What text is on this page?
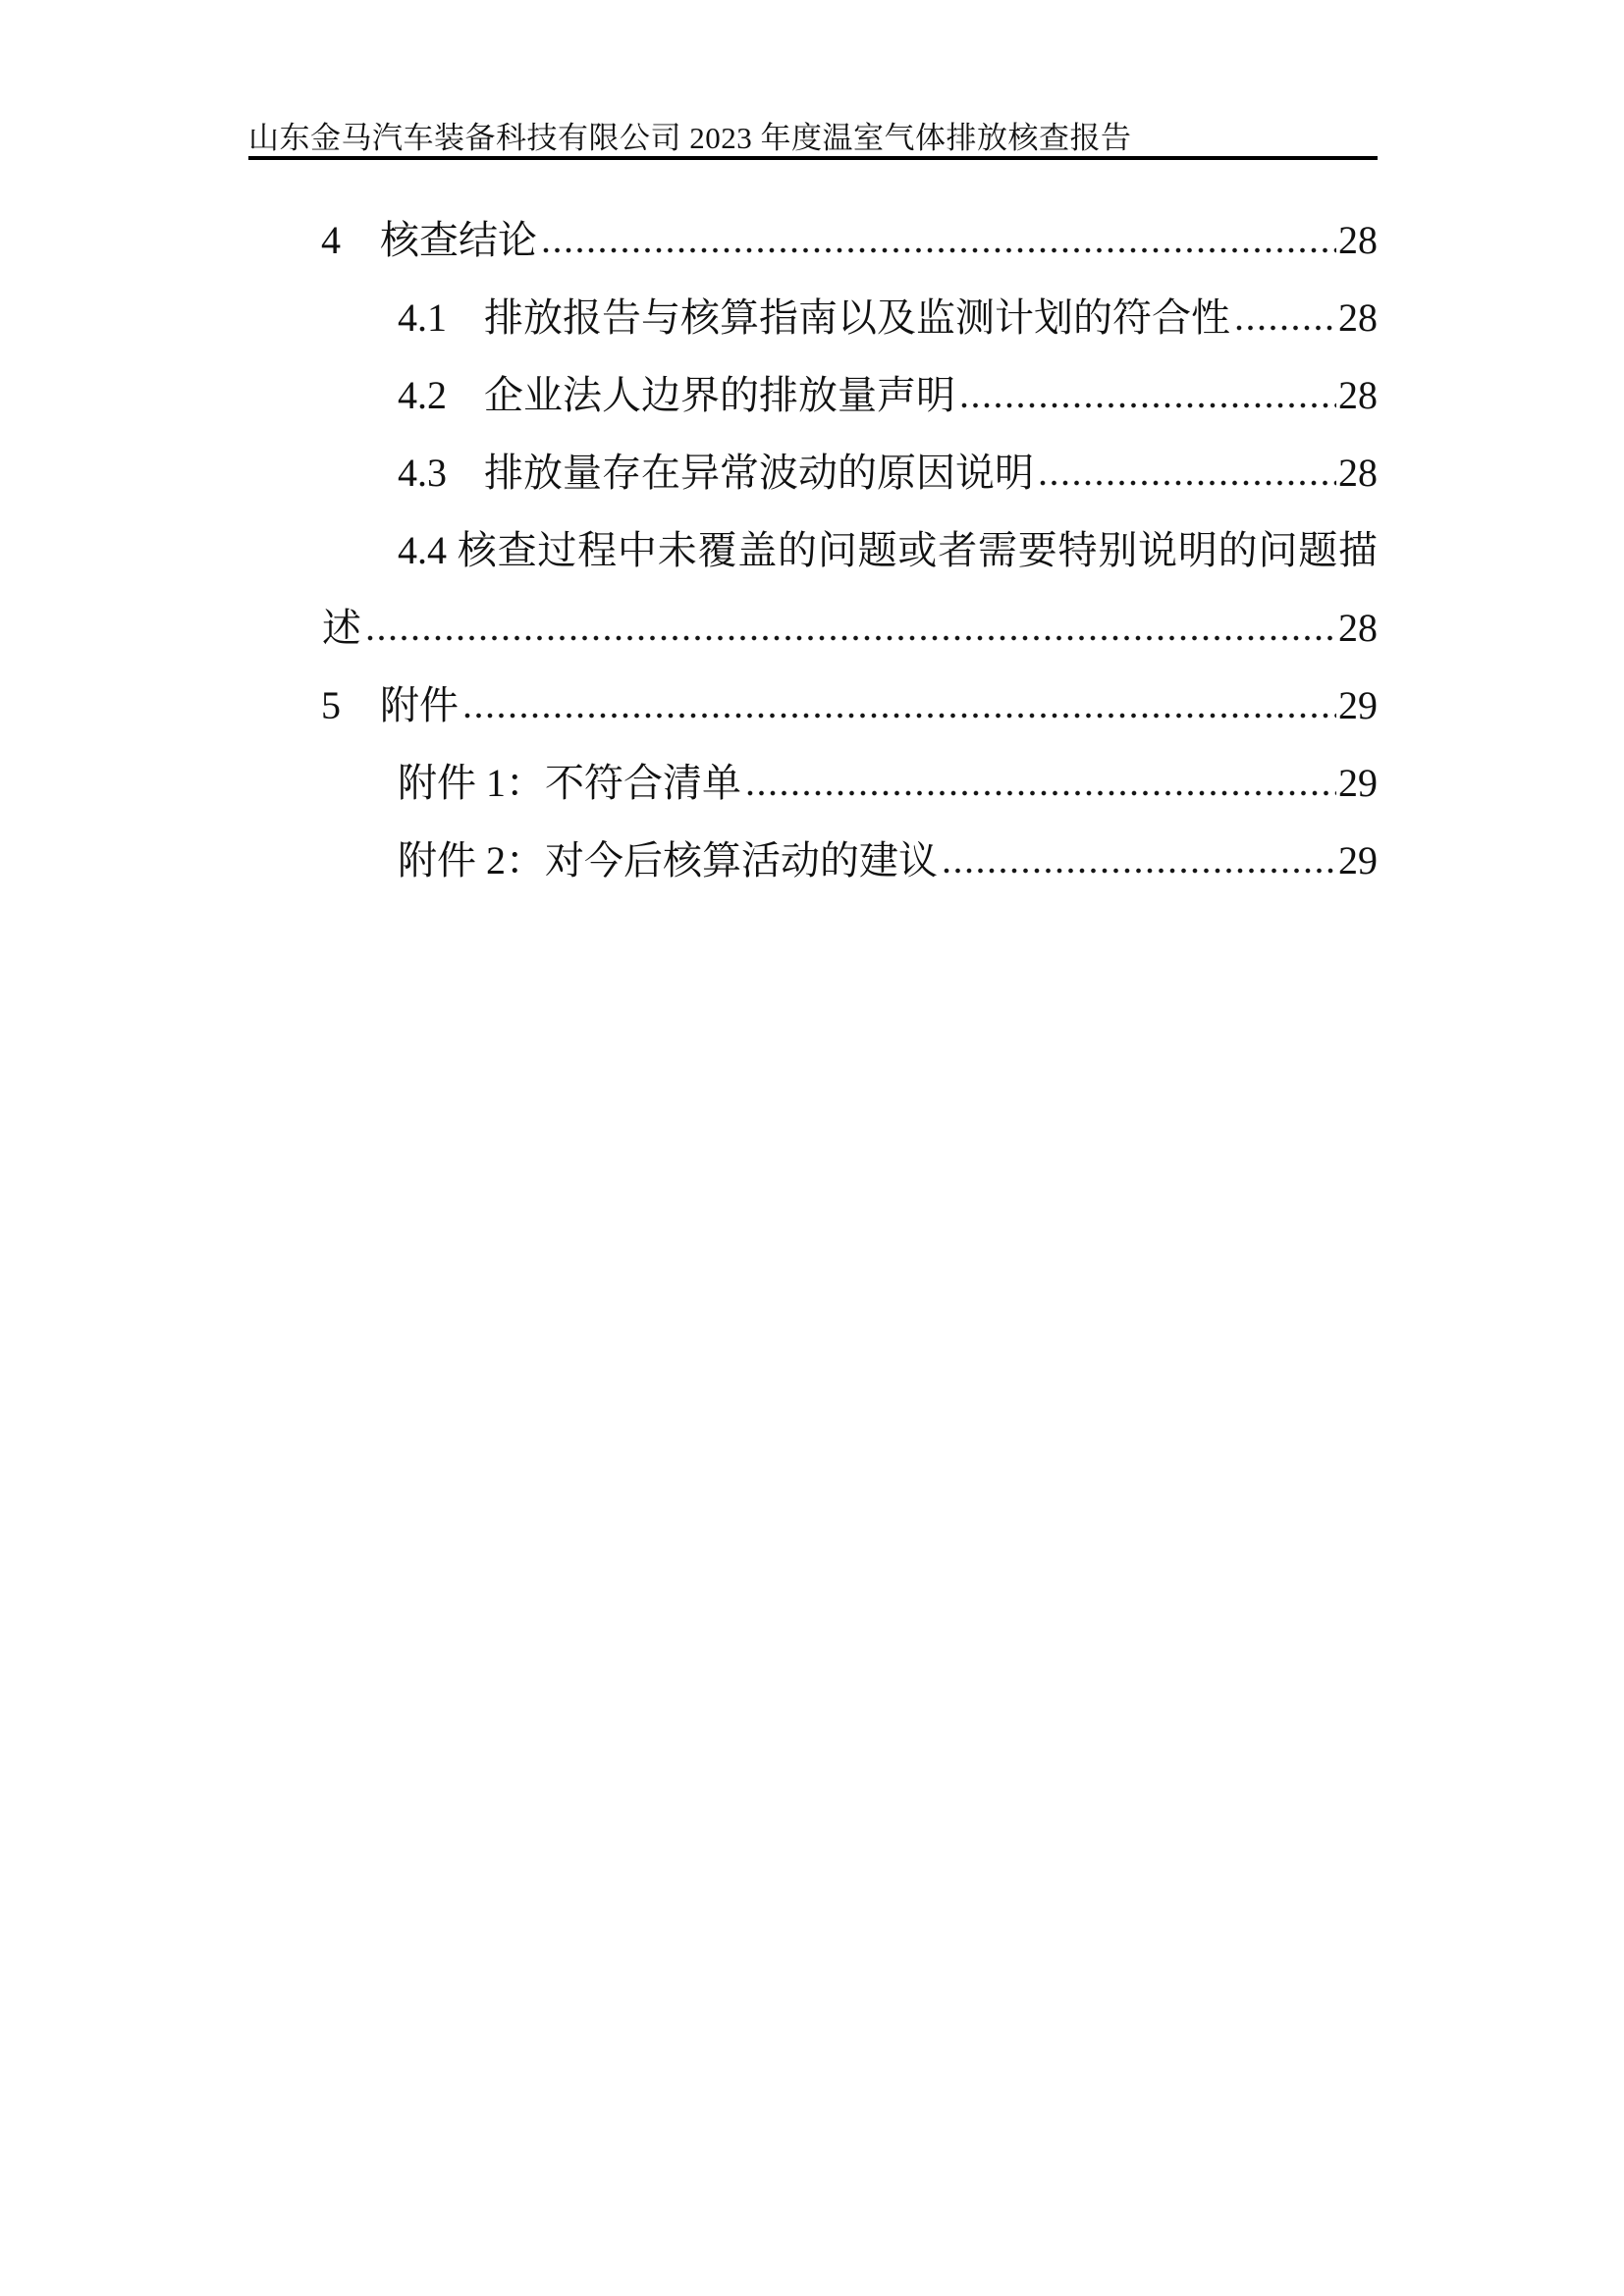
山东金马汽车装备科技有限公司 2023 年度温室气体排放核查报告
4	核查结论	28
4.1 排放报告与核算指南以及监测计划的符合性	28
4.2 企业法人边界的排放量声明	28
4.3 排放量存在异常波动的原因说明	28
4.4 核查过程中未覆盖的问题或者需要特别说明的问题描
述	28
5	附件	29
附件 1：不符合清单	29
附件 2：对今后核算活动的建议	29
